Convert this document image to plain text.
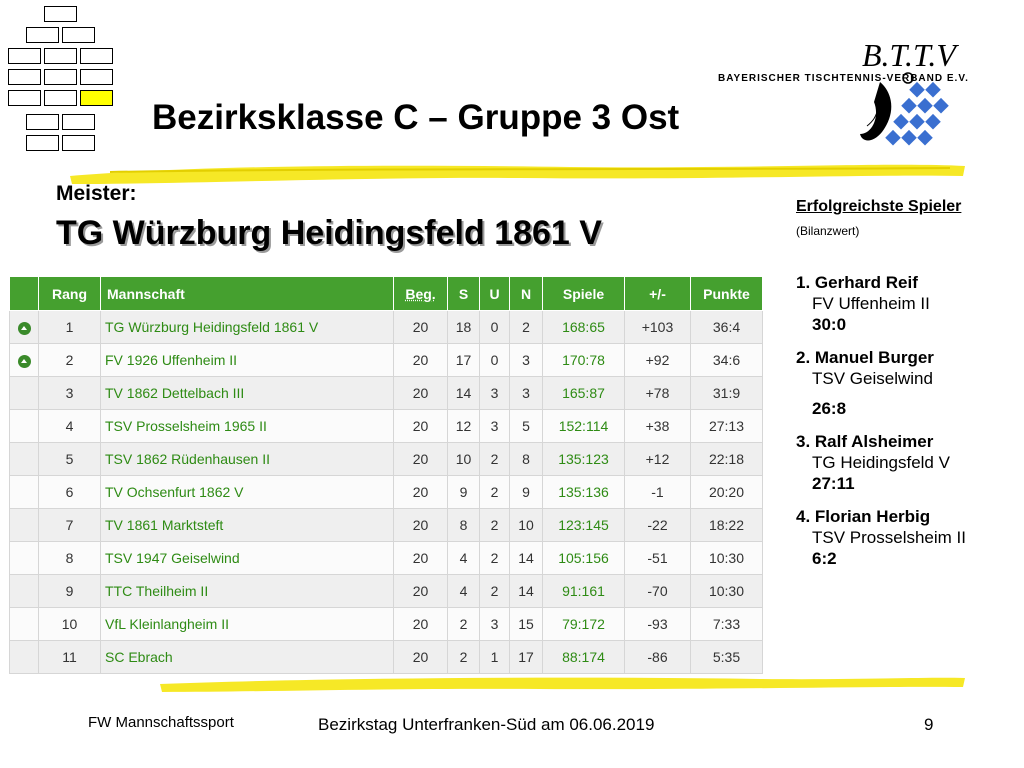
Bezirksklasse C – Gruppe 3 Ost
Meister:
TG Würzburg Heidingsfeld 1861 V
B.T.T.V
BAYERISCHER TISCHTENNIS-VERBAND E.V.
	Rang	Mannschaft	Beg.	S	U	N	Spiele	+/-	Punkte
	1	TG Würzburg Heidingsfeld 1861 V	20	18	0	2	168:65	+103	36:4
	2	FV 1926 Uffenheim II	20	17	0	3	170:78	+92	34:6
	3	TV 1862 Dettelbach III	20	14	3	3	165:87	+78	31:9
	4	TSV Prosselsheim 1965 II	20	12	3	5	152:114	+38	27:13
	5	TSV 1862 Rüdenhausen II	20	10	2	8	135:123	+12	22:18
	6	TV Ochsenfurt 1862 V	20	9	2	9	135:136	-1	20:20
	7	TV 1861 Marktsteft	20	8	2	10	123:145	-22	18:22
	8	TSV 1947 Geiselwind	20	4	2	14	105:156	-51	10:30
	9	TTC Theilheim II	20	4	2	14	91:161	-70	10:30
	10	VfL Kleinlangheim II	20	2	3	15	79:172	-93	7:33
	11	SC Ebrach	20	2	1	17	88:174	-86	5:35
Erfolgreichste Spieler
(Bilanzwert)
1. Gerhard Reif
FV Uffenheim II
30:0
2. Manuel Burger
TSV Geiselwind
26:8
3. Ralf Alsheimer
TG Heidingsfeld V
27:11
4. Florian Herbig
TSV Prosselsheim II
6:2
FW Mannschaftssport	Bezirkstag Unterfranken-Süd am 06.06.2019	9
